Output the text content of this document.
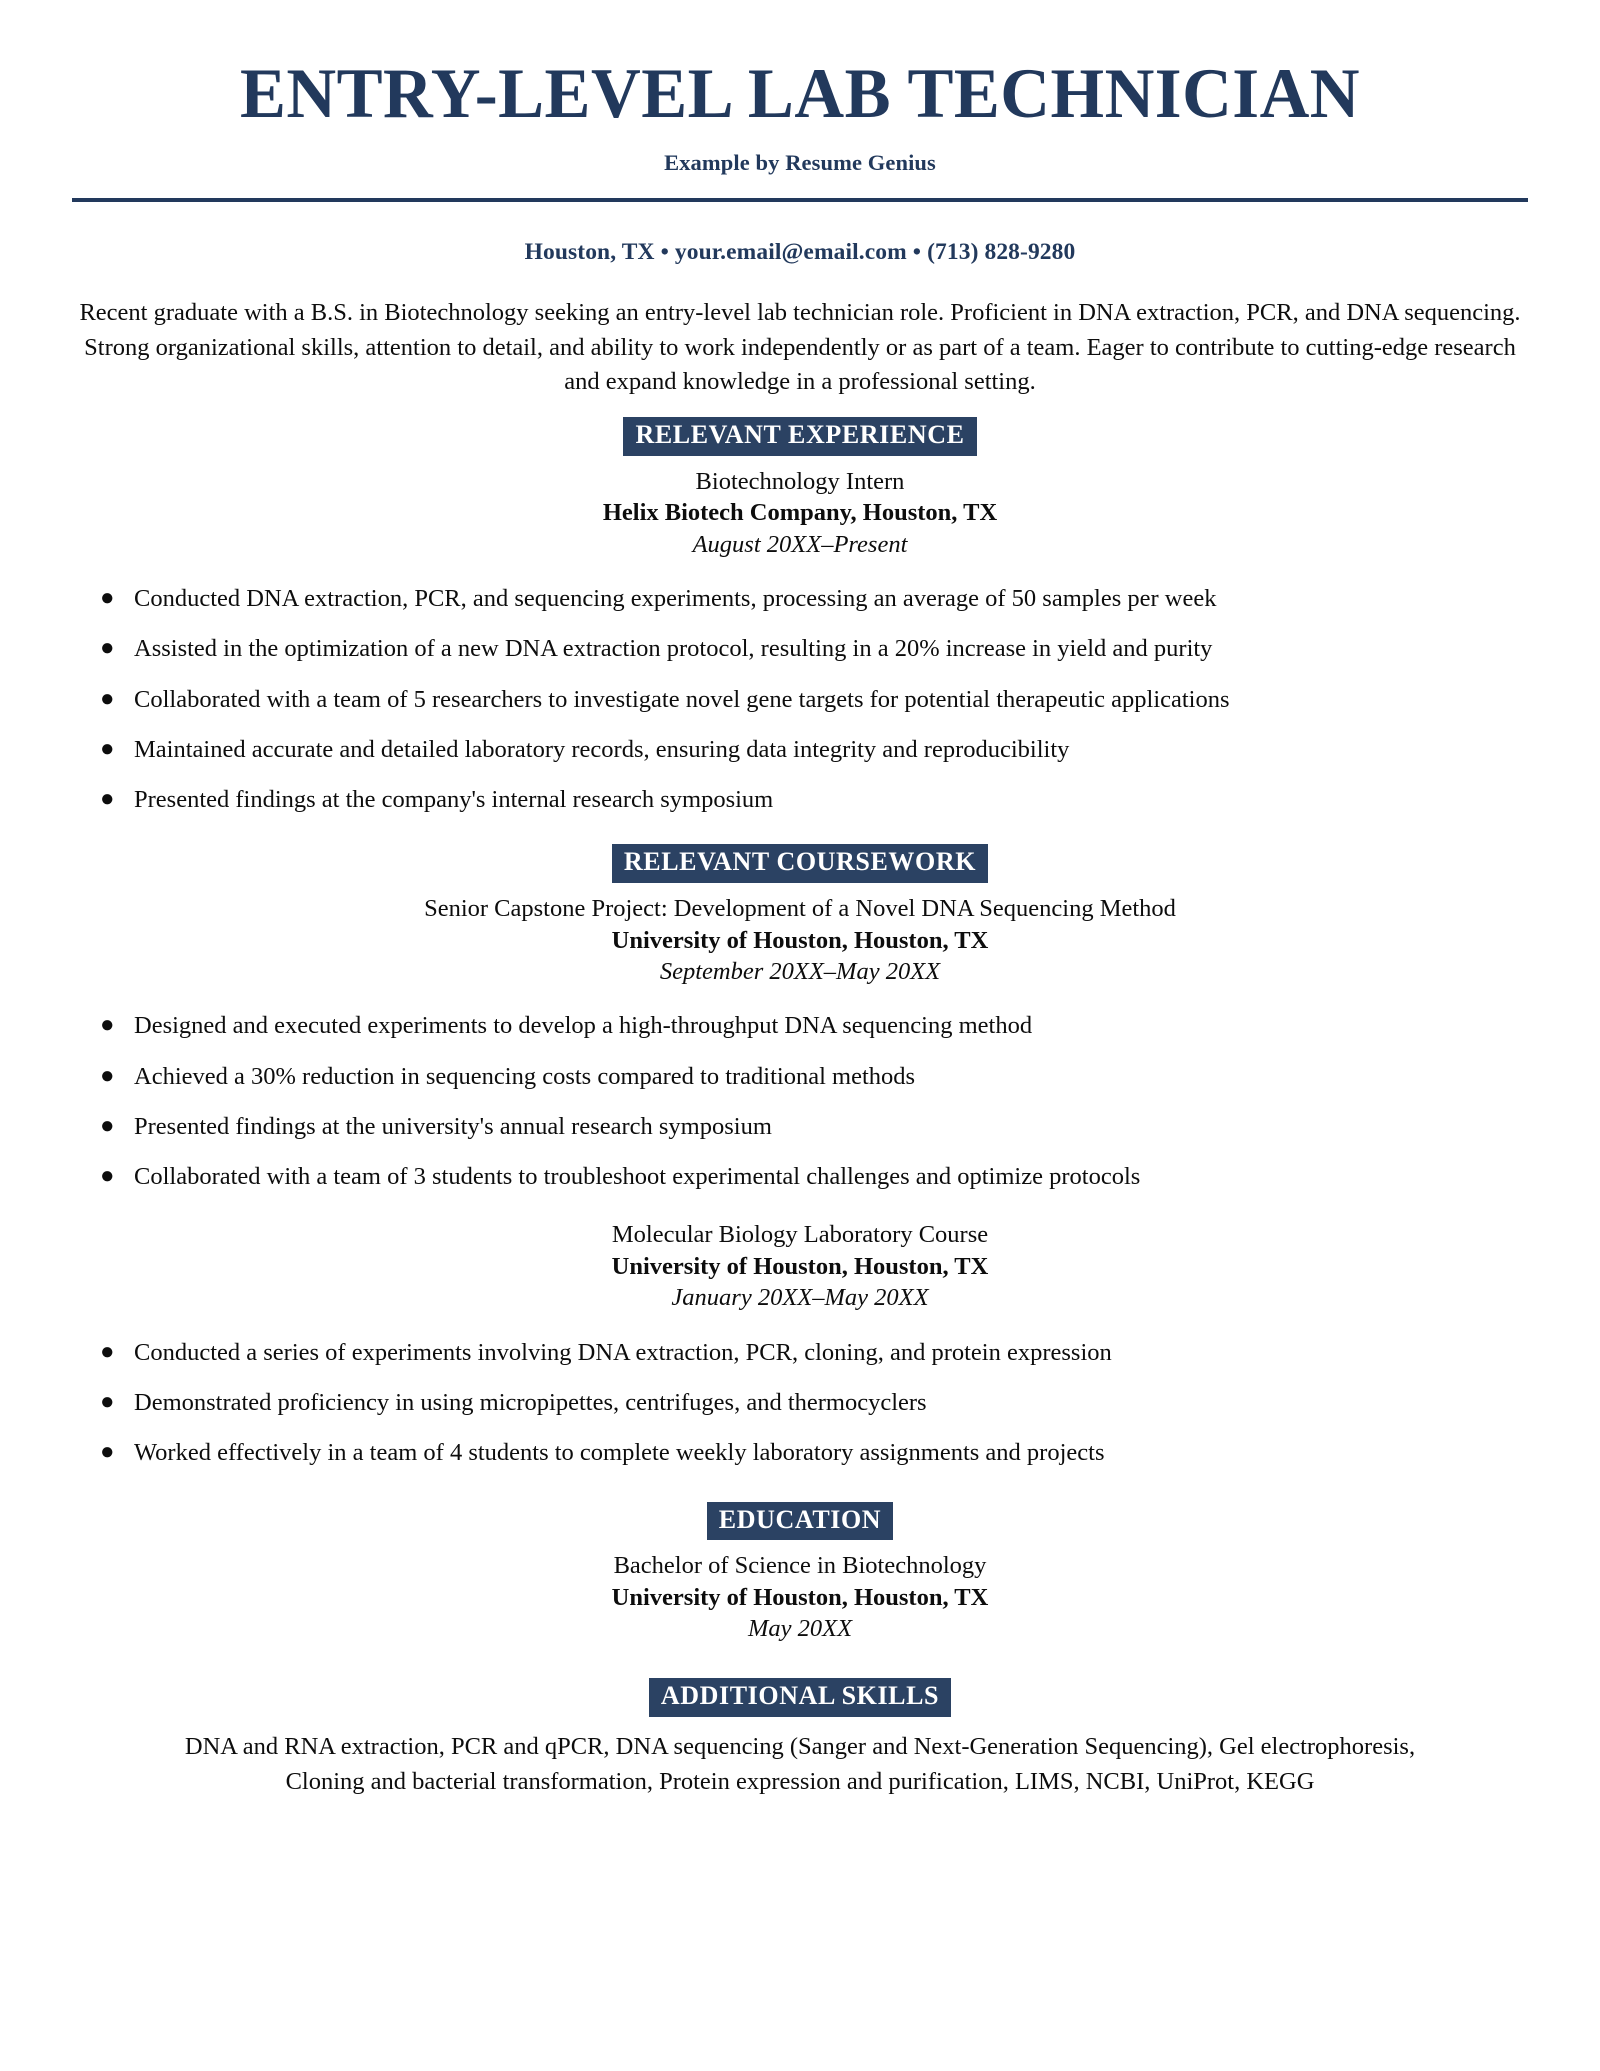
ENTRY-LEVEL LAB TECHNICIAN
Example by Resume Genius
Houston, TX • your.email@email.com • (713) 828-9280
Recent graduate with a B.S. in Biotechnology seeking an entry-level lab technician role. Proficient in DNA extraction, PCR, and DNA sequencing. Strong organizational skills, attention to detail, and ability to work independently or as part of a team. Eager to contribute to cutting-edge research and expand knowledge in a professional setting.
RELEVANT EXPERIENCE
Biotechnology Intern
Helix Biotech Company, Houston, TX
August 20XX–Present
● Conducted DNA extraction, PCR, and sequencing experiments, processing an average of 50 samples per week
● Assisted in the optimization of a new DNA extraction protocol, resulting in a 20% increase in yield and purity
● Collaborated with a team of 5 researchers to investigate novel gene targets for potential therapeutic applications
● Maintained accurate and detailed laboratory records, ensuring data integrity and reproducibility
● Presented findings at the company's internal research symposium
RELEVANT COURSEWORK
Senior Capstone Project: Development of a Novel DNA Sequencing Method
University of Houston, Houston, TX
September 20XX–May 20XX
● Designed and executed experiments to develop a high-throughput DNA sequencing method
● Achieved a 30% reduction in sequencing costs compared to traditional methods
● Presented findings at the university's annual research symposium
● Collaborated with a team of 3 students to troubleshoot experimental challenges and optimize protocols
Molecular Biology Laboratory Course
University of Houston, Houston, TX
January 20XX–May 20XX
● Conducted a series of experiments involving DNA extraction, PCR, cloning, and protein expression
● Demonstrated proficiency in using micropipettes, centrifuges, and thermocyclers
● Worked effectively in a team of 4 students to complete weekly laboratory assignments and projects
EDUCATION
Bachelor of Science in Biotechnology
University of Houston, Houston, TX
May 20XX
ADDITIONAL SKILLS
DNA and RNA extraction, PCR and qPCR, DNA sequencing (Sanger and Next-Generation Sequencing), Gel electrophoresis, Cloning and bacterial transformation, Protein expression and purification, LIMS, NCBI, UniProt, KEGG
